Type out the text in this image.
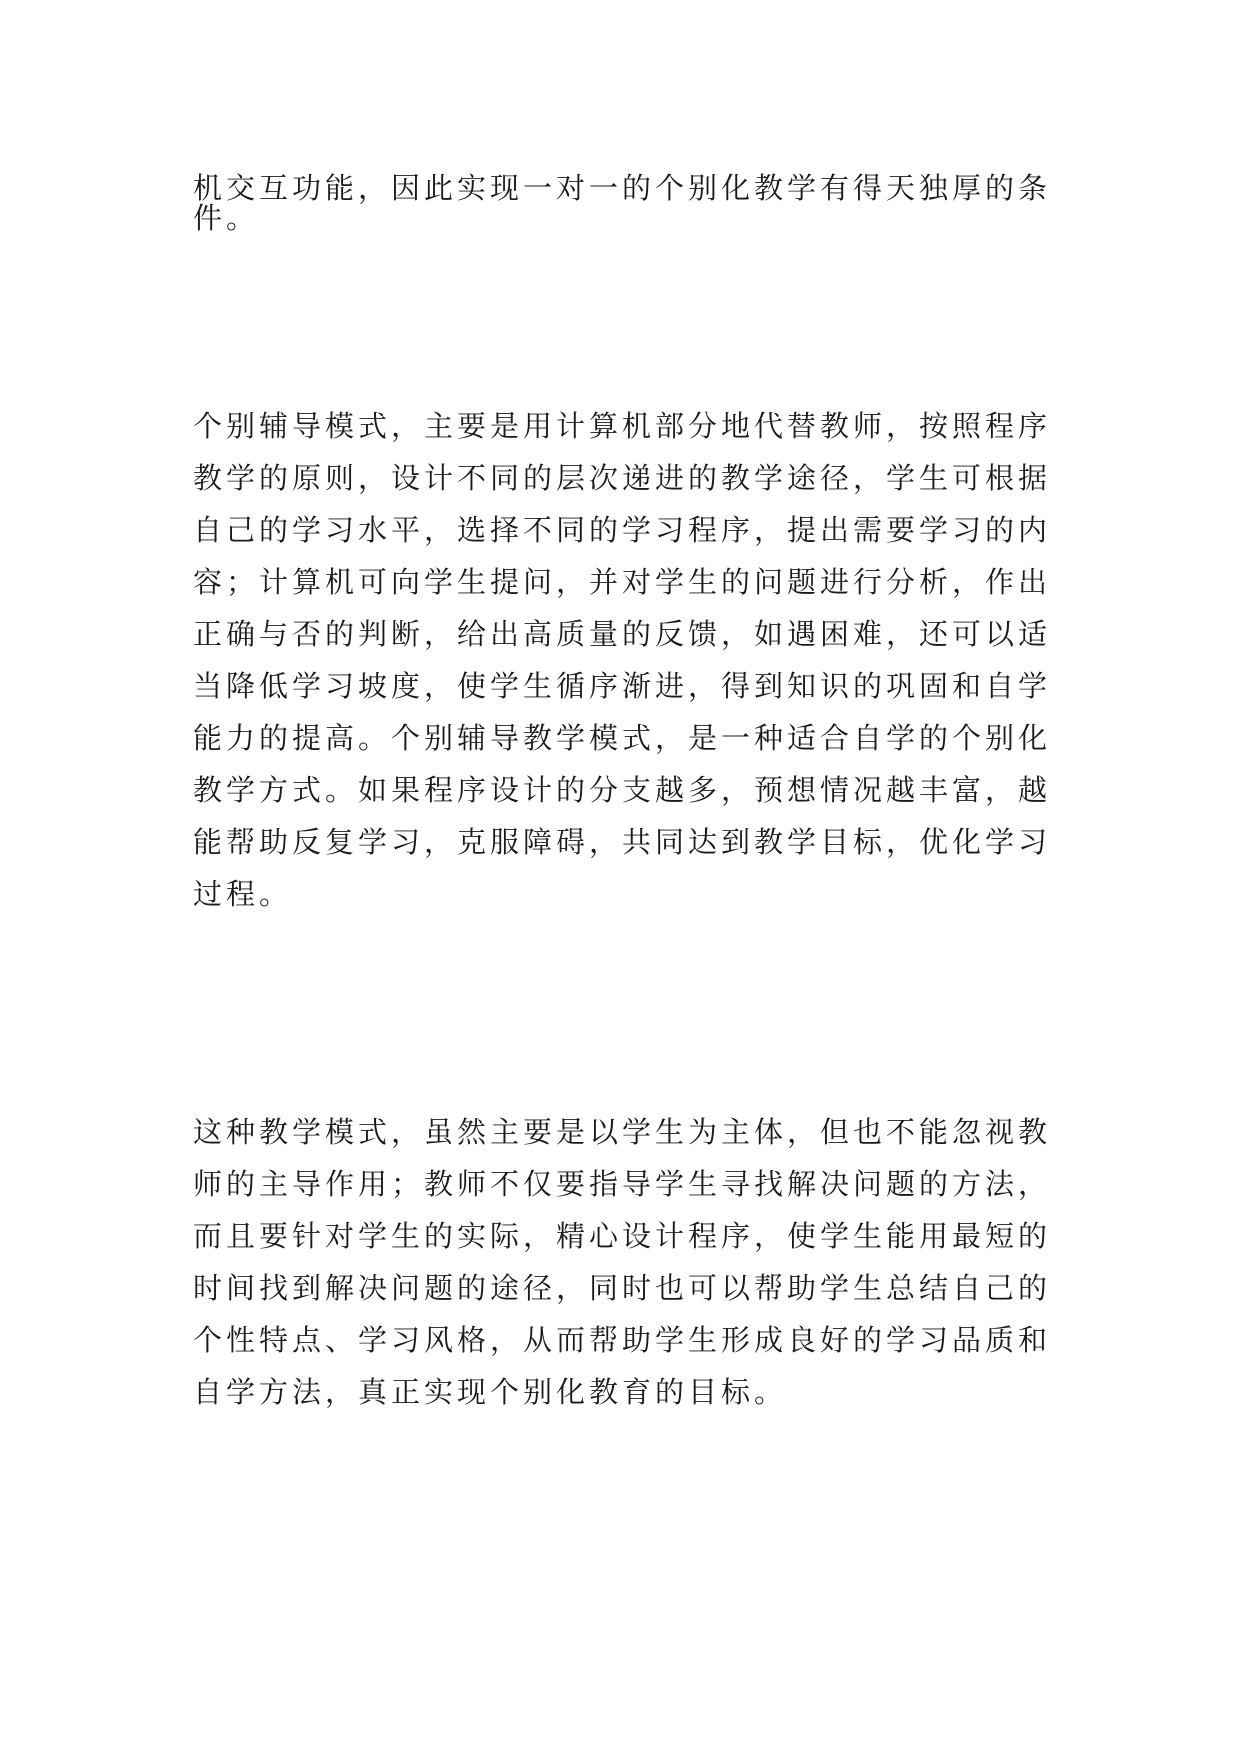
机交互功能，因此实现一对一的个别化教学有得天独厚的条
件。
个别辅导模式，主要是用计算机部分地代替教师，按照程序
教学的原则，设计不同的层次递进的教学途径，学生可根据
自己的学习水平，选择不同的学习程序，提出需要学习的内
容；计算机可向学生提问，并对学生的问题进行分析，作出
正确与否的判断，给出高质量的反馈，如遇困难，还可以适
当降低学习坡度，使学生循序渐进，得到知识的巩固和自学
能力的提高。个别辅导教学模式，是一种适合自学的个别化
教学方式。如果程序设计的分支越多，预想情况越丰富，越
能帮助反复学习，克服障碍，共同达到教学目标，优化学习
过程。
这种教学模式，虽然主要是以学生为主体，但也不能忽视教
师的主导作用；教师不仅要指导学生寻找解决问题的方法，
而且要针对学生的实际，精心设计程序，使学生能用最短的
时间找到解决问题的途径，同时也可以帮助学生总结自己的
个性特点、学习风格，从而帮助学生形成良好的学习品质和
自学方法，真正实现个别化教育的目标。
